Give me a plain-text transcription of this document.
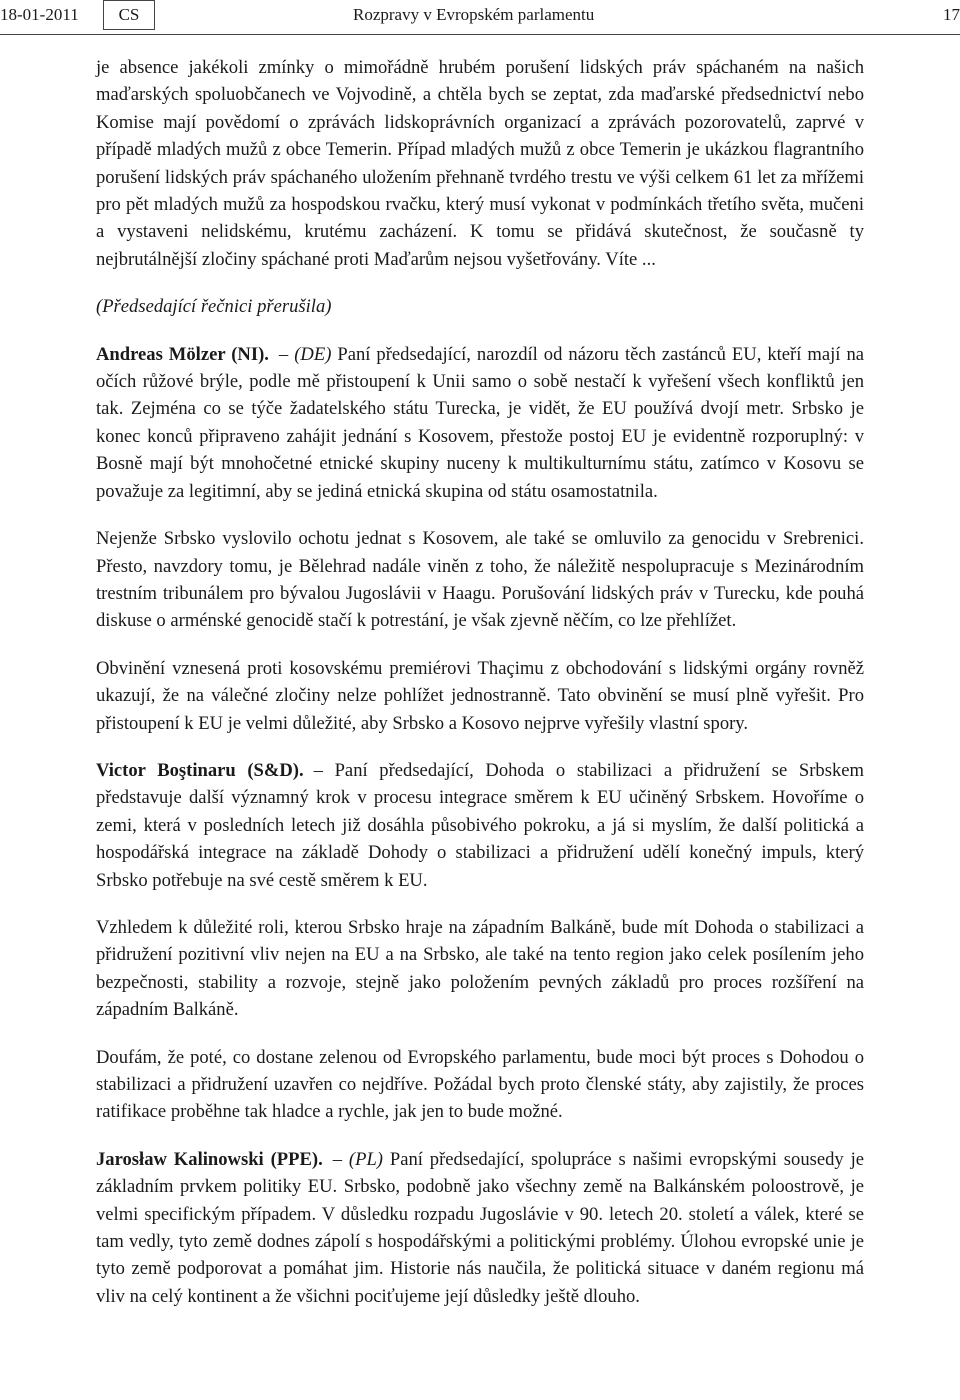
18-01-2011	CS	Rozpravy v Evropském parlamentu	17

je absence jakékoli zmínky o mimořádně hrubém porušení lidských práv spáchaném na našich maďarských spoluobčanech ve Vojvodině, a chtěla bych se zeptat, zda maďarské předsednictví nebo Komise mají povědomí o zprávách lidskoprávních organizací a zprávách pozorovatelů, zaprvé v případě mladých mužů z obce Temerin. Případ mladých mužů z obce Temerin je ukázkou flagrantního porušení lidských práv spáchaného uložením přehnaně tvrdého trestu ve výši celkem 61 let za mřížemi pro pět mladých mužů za hospodskou rvačku, který musí vykonat v podmínkách třetího světa, mučeni a vystaveni nelidskému, krutému zacházení. K tomu se přidává skutečnost, že současně ty nejbrutálnější zločiny spáchané proti Maďarům nejsou vyšetřovány. Víte ...

(Předsedající řečnici přerušila)

Andreas Mölzer (NI). – (DE) Paní předsedající, narozdíl od názoru těch zastánců EU, kteří mají na očích růžové brýle, podle mě přistoupení k Unii samo o sobě nestačí k vyřešení všech konfliktů jen tak. Zejména co se týče žadatelského státu Turecka, je vidět, že EU používá dvojí metr. Srbsko je konec konců připraveno zahájit jednání s Kosovem, přestože postoj EU je evidentně rozporuplný: v Bosně mají být mnohočetné etnické skupiny nuceny k multikulturnímu státu, zatímco v Kosovu se považuje za legitimní, aby se jediná etnická skupina od státu osamostatnila.

Nejenže Srbsko vyslovilo ochotu jednat s Kosovem, ale také se omluvilo za genocidu v Srebrenici. Přesto, navzdory tomu, je Bělehrad nadále viněn z toho, že náležitě nespolupracuje s Mezinárodním trestním tribunálem pro bývalou Jugoslávii v Haagu. Porušování lidských práv v Turecku, kde pouhá diskuse o arménské genocidě stačí k potrestání, je však zjevně něčím, co lze přehlížet.

Obvinění vznesená proti kosovskému premiérovi Thaçimu z obchodování s lidskými orgány rovněž ukazují, že na válečné zločiny nelze pohlížet jednostranně. Tato obvinění se musí plně vyřešit. Pro přistoupení k EU je velmi důležité, aby Srbsko a Kosovo nejprve vyřešily vlastní spory.

Victor Boştinaru (S&D). – Paní předsedající, Dohoda o stabilizaci a přidružení se Srbskem představuje další významný krok v procesu integrace směrem k EU učiněný Srbskem. Hovoříme o zemi, která v posledních letech již dosáhla působivého pokroku, a já si myslím, že další politická a hospodářská integrace na základě Dohody o stabilizaci a přidružení udělí konečný impuls, který Srbsko potřebuje na své cestě směrem k EU.

Vzhledem k důležité roli, kterou Srbsko hraje na západním Balkáně, bude mít Dohoda o stabilizaci a přidružení pozitivní vliv nejen na EU a na Srbsko, ale také na tento region jako celek posílením jeho bezpečnosti, stability a rozvoje, stejně jako položením pevných základů pro proces rozšíření na západním Balkáně.

Doufám, že poté, co dostane zelenou od Evropského parlamentu, bude moci být proces s Dohodou o stabilizaci a přidružení uzavřen co nejdříve. Požádal bych proto členské státy, aby zajistily, že proces ratifikace proběhne tak hladce a rychle, jak jen to bude možné.

Jarosław Kalinowski (PPE). – (PL) Paní předsedající, spolupráce s našimi evropskými sousedy je základním prvkem politiky EU. Srbsko, podobně jako všechny země na Balkánském poloostrově, je velmi specifickým případem. V důsledku rozpadu Jugoslávie v 90. letech 20. století a válek, které se tam vedly, tyto země dodnes zápolí s hospodářskými a politickými problémy. Úlohou evropské unie je tyto země podporovat a pomáhat jim. Historie nás naučila, že politická situace v daném regionu má vliv na celý kontinent a že všichni pociťujeme její důsledky ještě dlouho.
